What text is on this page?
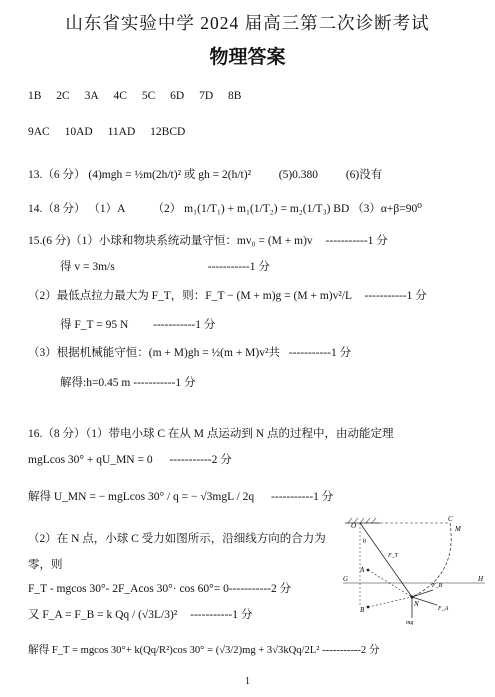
山东省实验中学 2024 届高三第二次诊断考试
物理答案
1B 2C 3A 4C 5C 6D 7D 8B
9AC 10AD 11AD 12BCD
13.（6 分） (4)mgh = ½m(2h/t)² 或 gh = 2(h/t)² (5)0.380 (6)没有
14.（8 分） （1）A （2） m₁(1/T₁) + m₁(1/T₂) = m₂(1/T₃) BD （3）α+β=90⁰
15.(6 分)（1）小球和物块系统动量守恒：mv₀ = (M + m)v -----------1 分
得 v = 3m/s	-----------1 分
（2）最低点拉力最大为 F_T，则：F_T − (M + m)g = (M + m)v²/L -----------1 分
得 F_T = 95 N -----------1 分
（3）根据机械能守恒：(m + M)gh = ½(m + M)v²共 -----------1 分
解得:h=0.45 m -----------1 分
16.（8 分）（1）带电小球 C 在从 M 点运动到 N 点的过程中，由动能定理
mgLcos 30° + qU_MN = 0 -----------2 分
解得 U_MN = − mgLcos 30° / q = − √3mgL / 2q -----------1 分
（2）在 N 点，小球 C 受力如图所示，沿细线方向的合力为
零，则
F_T - mgcos 30°- 2F_Acos 30°· cos 60°= 0-----------2 分
又 F_A = F_B = k Qq / (√3L/3)² -----------1 分
解得 F_T = mgcos 30°+ k(Qq/R²)cos 30° = (√3/2)mg + 3√3kQq/2L² -----------2 分
O
θ
C
M
F_T
A
G	H
N
B
F_B
F_A
mg
1
